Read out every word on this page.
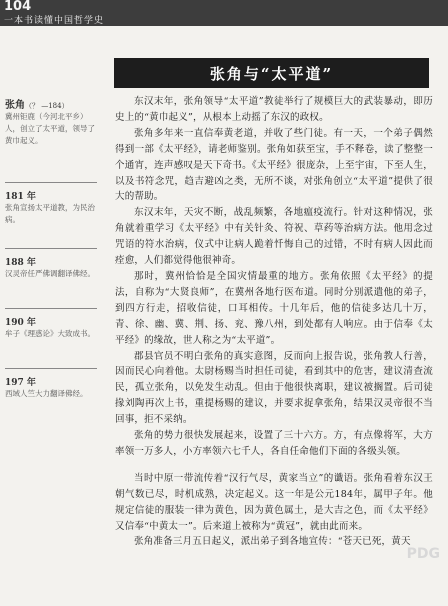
104
一本书读懂中国哲学史
张角与“太平道”
张角（？ —184）
冀州钜鹿（今河北平乡）人，创立了太平道，领导了黄巾起义。
181 年
张角宣扬太平道教，为民治病。
188 年
汉灵帝任严佛调翻译佛经。
190 年
牟子《理惑论》大致成书。
197 年
西域人竺大力翻译佛经。

东汉末年，张角领导“太平道”教徒举行了规模巨大的武装暴动，即历史上的“黄巾起义”，从根本上动摇了东汉的政权。

张角多年来一直信奉黄老道，并收了些门徒。有一天，一个弟子偶然得到一部《太平经》，请老师鉴别。张角如获至宝，手不释卷，读了整整一个通宵，连声感叹是天下奇书。《太平经》很庞杂，上至宇宙，下至人生，以及书符念咒，趋吉避凶之类，无所不谈，对张角创立“太平道”提供了很大的帮助。

东汉末年，天灾不断，战乱频繁，各地瘟疫流行。针对这种情况，张角就着重学习《太平经》中有关针灸、符祝、草药等治病方法。他用念过咒语的符水治病，仪式中让病人跪着忏悔自己的过错，不时有病人因此而痊愈，人们都觉得他很神奇。

那时，冀州恰恰是全国灾情最重的地方。张角依照《太平经》的提法，自称为“大贤良师”，在冀州各地行医布道。同时分别派遣他的弟子，到四方行走，招收信徒，口耳相传。十几年后，他的信徒多达几十万，青、徐、幽、冀、荆、扬、兖、豫八州，到处都有人响应。由于信奉《太平经》的缘故，世人称之为“太平道”。

郡县官员不明白张角的真实意图，反而向上报告说，张角教人行善，因而民心向着他。太尉杨赐当时担任司徒，看到其中的危害，建议清查流民，孤立张角，以免发生动乱。但由于他很快离职，建议被搁置。后司徒掾刘陶再次上书，重提杨赐的建议，并要求捉拿张角，结果汉灵帝很不当回事，拒不采纳。

张角的势力很快发展起来，设置了三十六方。方，有点像将军，大方率领一万多人，小方率领六七千人，各自任命他们下面的各级头领。

当时中原一带流传着“汉行气尽，黄家当立”的谶语。张角看着东汉王朝气数已尽，时机成熟，决定起义。这一年是公元184年，属甲子年。他规定信徒的服装一律为黄色，因为黄色属土，是大吉之色，而《太平经》又信奉“中黄太一”。后来道上被称为“黄冠”，就由此而来。

张角准备三月五日起义，派出弟子到各地宣传：“苍天已死，黄天

PDG
